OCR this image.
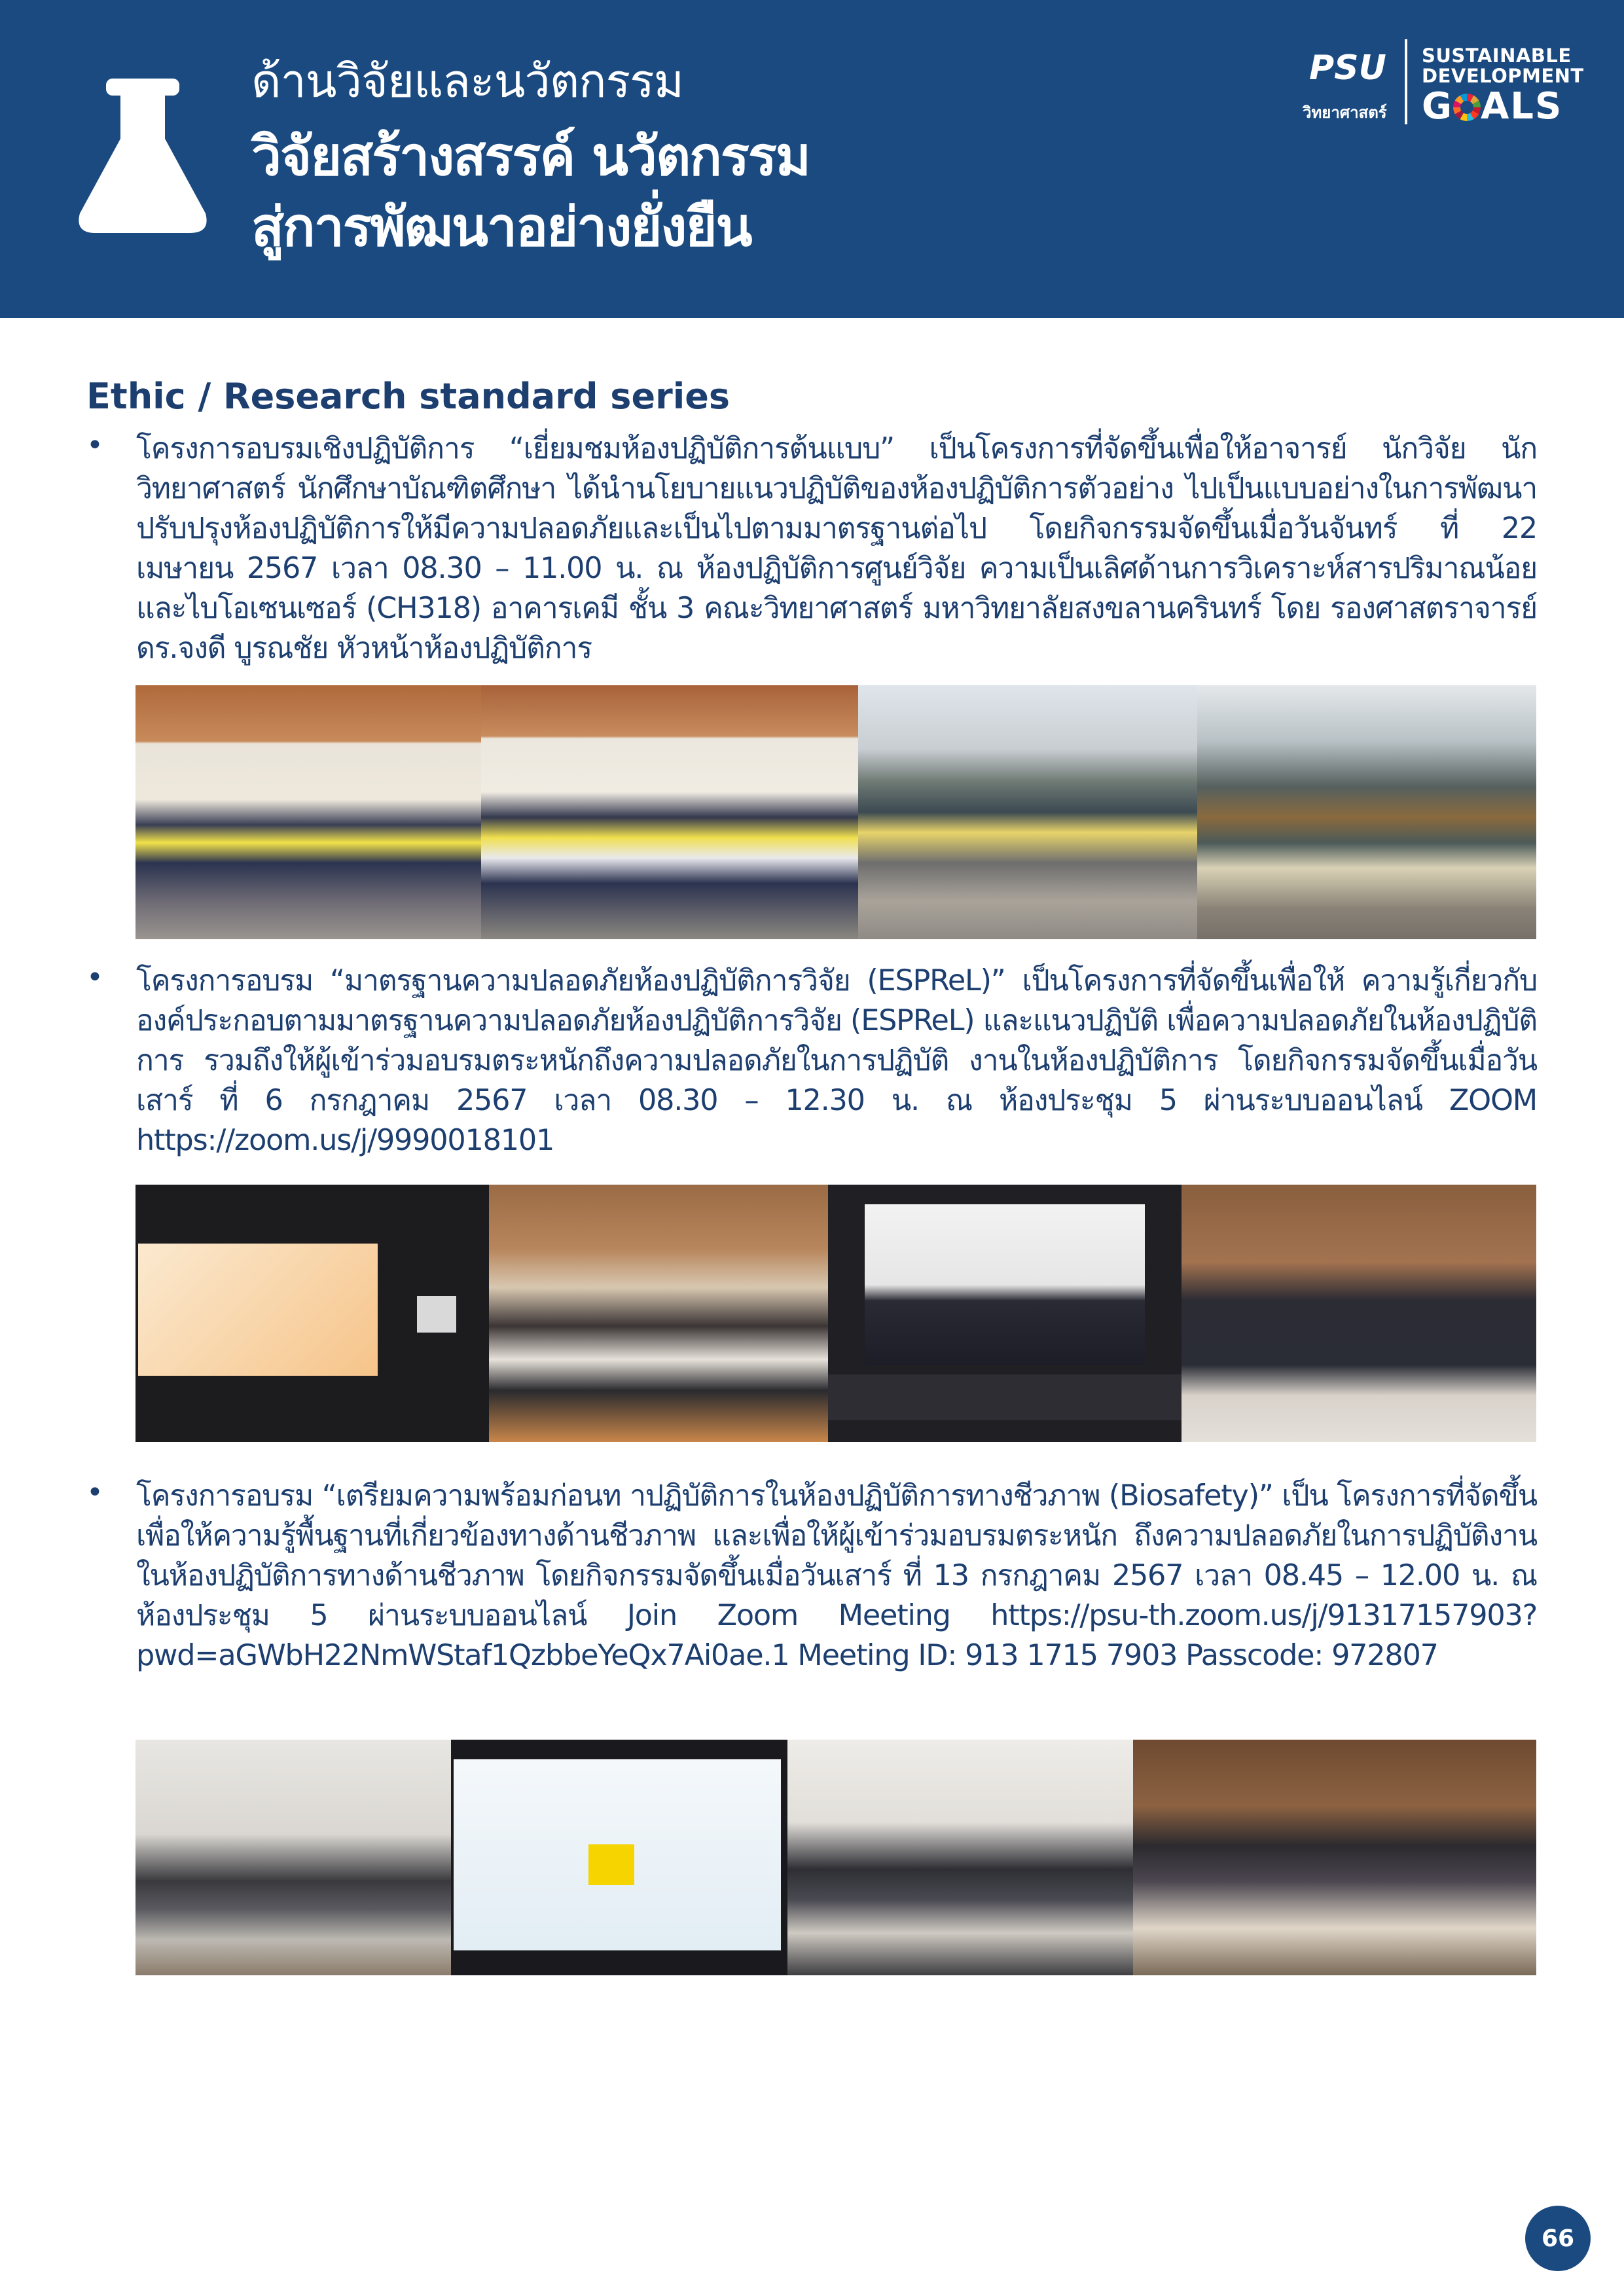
ด้านวิจัยและนวัตกรรม
วิจัยสร้างสรรค์ นวัตกรรม
สู่การพัฒนาอย่างยั่งยืน
PSU
วิทยาศาสตร์
SUSTAINABLE
DEVELOPMENT
G ALS
Ethic / Research standard series
• โครงการอบรมเชิงปฏิบัติการ “เยี่ยมชมห้องปฏิบัติการต้นแบบ” เป็นโครงการที่จัดขึ้นเพื่อให้อาจารย์ นักวิจัย นักวิทยาศาสตร์ นักศึกษาบัณฑิตศึกษา ได้นำนโยบายแนวปฏิบัติของห้องปฏิบัติการตัวอย่าง ไปเป็นแบบอย่างในการพัฒนาปรับปรุงห้องปฏิบัติการให้มีความปลอดภัยและเป็นไปตามมาตรฐานต่อไป โดยกิจกรรมจัดขึ้นเมื่อวันจันทร์ ที่ 22 เมษายน 2567 เวลา 08.30 – 11.00 น. ณ ห้องปฏิบัติการศูนย์วิจัย ความเป็นเลิศด้านการวิเคราะห์สารปริมาณน้อยและไบโอเซนเซอร์ (CH318) อาคารเคมี ชั้น 3 คณะวิทยาศาสตร์ มหาวิทยาลัยสงขลานครินทร์ โดย รองศาสตราจารย์ ดร.จงดี บูรณชัย หัวหน้าห้องปฏิบัติการ
• โครงการอบรม “มาตรฐานความปลอดภัยห้องปฏิบัติการวิจัย (ESPReL)” เป็นโครงการที่จัดขึ้นเพื่อให้ ความรู้เกี่ยวกับองค์ประกอบตามมาตรฐานความปลอดภัยห้องปฏิบัติการวิจัย (ESPReL) และแนวปฏิบัติ เพื่อความปลอดภัยในห้องปฏิบัติการ รวมถึงให้ผู้เข้าร่วมอบรมตระหนักถึงความปลอดภัยในการปฏิบัติ งานในห้องปฏิบัติการ โดยกิจกรรมจัดขึ้นเมื่อวันเสาร์ ที่ 6 กรกฎาคม 2567 เวลา 08.30 – 12.30 น. ณ ห้องประชุม 5 ผ่านระบบออนไลน์ ZOOM https://zoom.us/j/9990018101
• โครงการอบรม “เตรียมความพร้อมก่อนท าปฏิบัติการในห้องปฏิบัติการทางชีวภาพ (Biosafety)” เป็น โครงการที่จัดขึ้นเพื่อให้ความรู้พื้นฐานที่เกี่ยวข้องทางด้านชีวภาพ และเพื่อให้ผู้เข้าร่วมอบรมตระหนัก ถึงความปลอดภัยในการปฏิบัติงานในห้องปฏิบัติการทางด้านชีวภาพ โดยกิจกรรมจัดขึ้นเมื่อวันเสาร์ ที่ 13 กรกฎาคม 2567 เวลา 08.45 – 12.00 น. ณ ห้องประชุม 5 ผ่านระบบออนไลน์ Join Zoom Meeting https://psu-th.zoom.us/j/91317157903?pwd=aGWbH22NmWStaf1QzbbeYeQx7Ai0ae.1 Meeting ID: 913 1715 7903 Passcode: 972807
66
